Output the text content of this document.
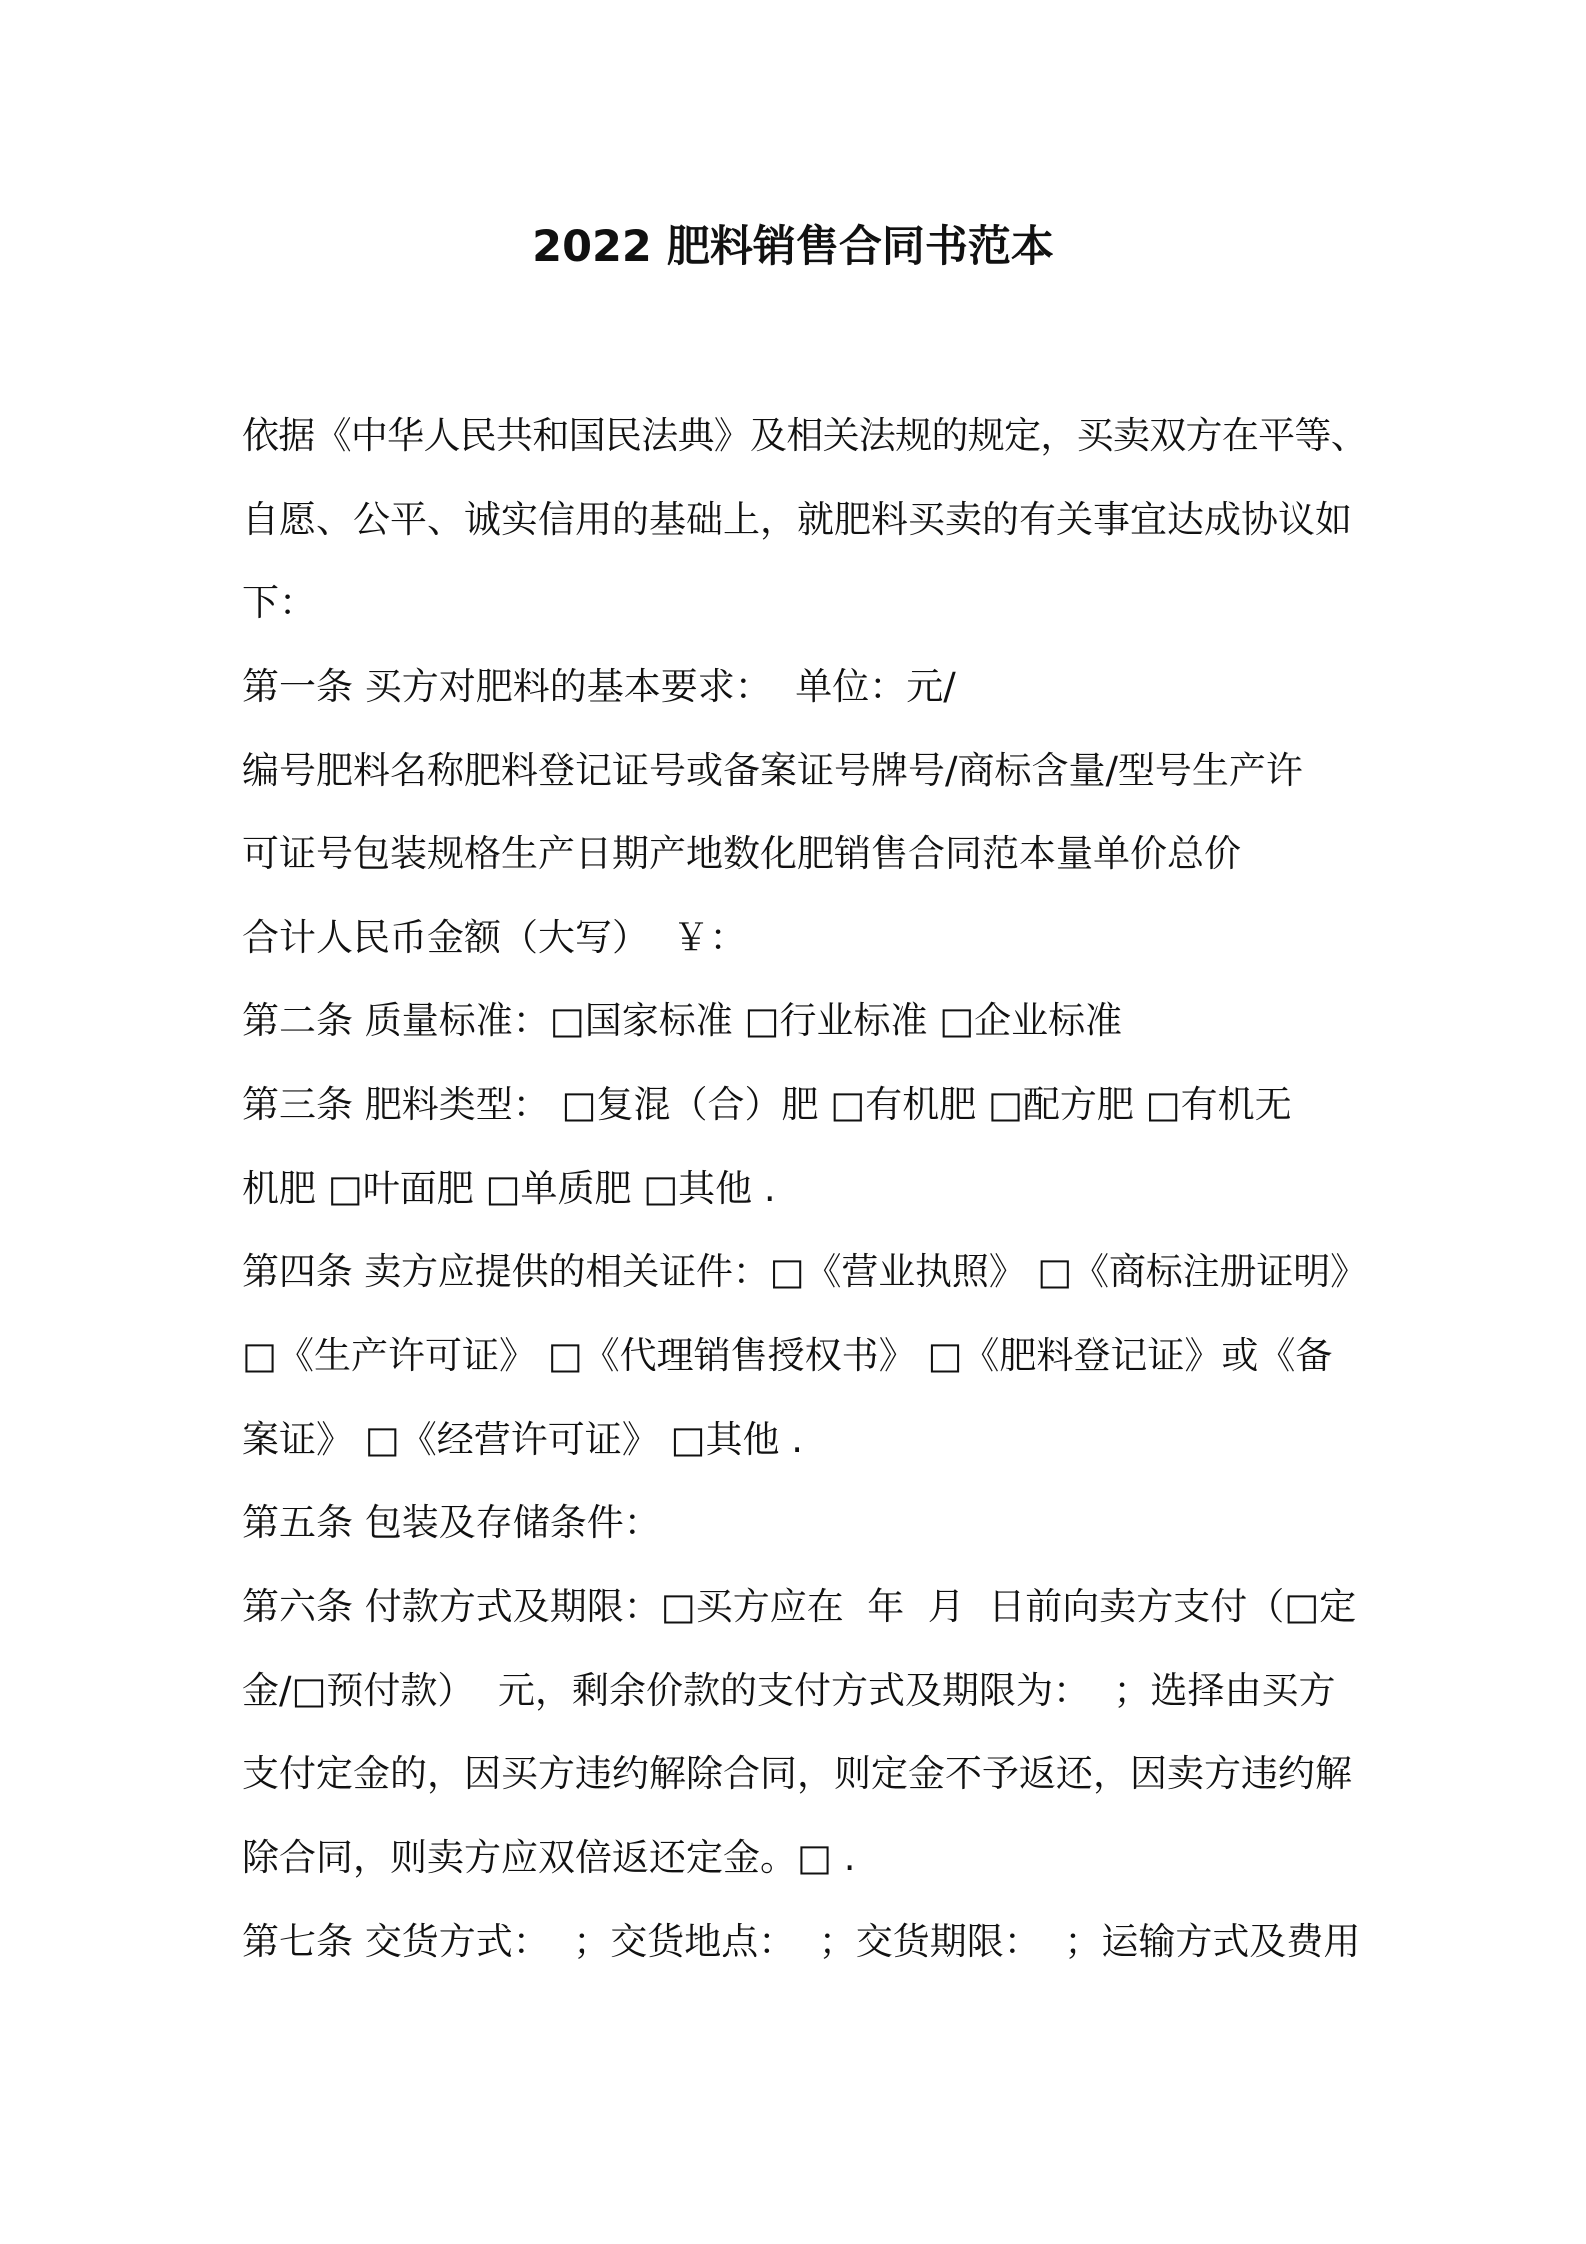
2022 肥料销售合同书范本
依据《中华人民共和国民法典》及相关法规的规定，买卖双方在平等、
自愿、公平、诚实信用的基础上，就肥料买卖的有关事宜达成协议如
下：
第一条 买方对肥料的基本要求：  单位：元/
编号肥料名称肥料登记证号或备案证号牌号/商标含量/型号生产许
可证号包装规格生产日期产地数化肥销售合同范本量单价总价
合计人民币金额（大写）  ￥：
第二条 质量标准：□国家标准 □行业标准 □企业标准
第三条 肥料类型： □复混（合）肥 □有机肥 □配方肥 □有机无
机肥 □叶面肥 □单质肥 □其他 .
第四条 卖方应提供的相关证件：□《营业执照》 □《商标注册证明》
□《生产许可证》 □《代理销售授权书》 □《肥料登记证》或《备
案证》 □《经营许可证》 □其他 .
第五条 包装及存储条件：
第六条 付款方式及期限：□买方应在  年  月  日前向卖方支付（□定
金/□预付款）  元，剩余价款的支付方式及期限为：  ；选择由买方
支付定金的，因买方违约解除合同，则定金不予返还，因卖方违约解
除合同，则卖方应双倍返还定金。□ .
第七条 交货方式：  ；交货地点：  ；交货期限：  ；运输方式及费用
